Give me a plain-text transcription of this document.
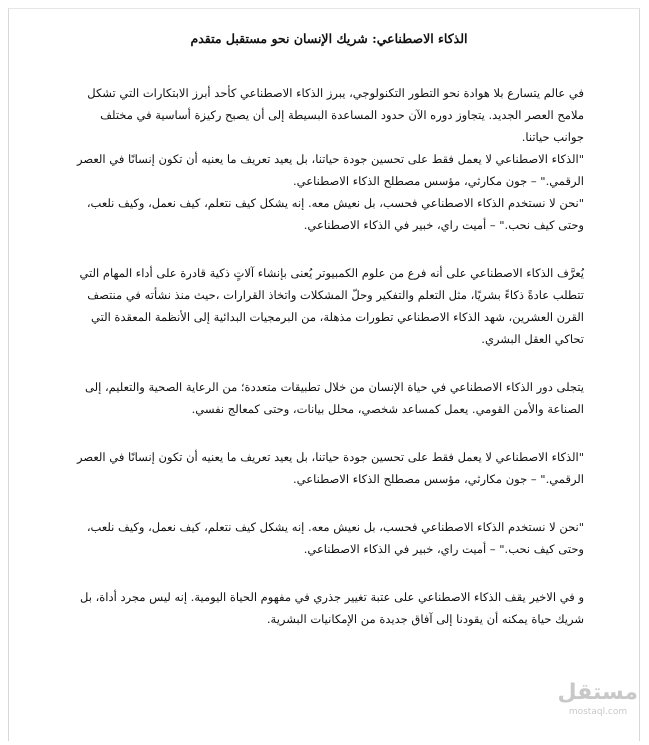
الذكاء الاصطناعي: شريك الإنسان نحو مستقبل متقدم

في عالم يتسارع بلا هوادة نحو التطور التكنولوجي، يبرز الذكاء الاصطناعي كأحد أبرز الابتكارات التي تشكل ملامح العصر الجديد. يتجاوز دوره الآن حدود المساعدة البسيطة إلى أن يصبح ركيزة أساسية في مختلف جوانب حياتنا.

"الذكاء الاصطناعي لا يعمل فقط على تحسين جودة حياتنا، بل يعيد تعريف ما يعنيه أن تكون إنسانًا في العصر الرقمي." – جون مكارثي، مؤسس مصطلح الذكاء الاصطناعي.

"نحن لا نستخدم الذكاء الاصطناعي فحسب، بل نعيش معه. إنه يشكل كيف نتعلم، كيف نعمل، وكيف نلعب، وحتى كيف نحب." – أميت راي، خبير في الذكاء الاصطناعي.

يُعرَّف الذكاء الاصطناعي على أنه فرع من علوم الكمبيوتر يُعنى بإنشاء آلاتٍ ذكية قادرة على أداء المهام التي تتطلب عادةً ذكاءً بشريًا، مثل التعلم والتفكير وحلّ المشكلات واتخاذ القرارات ،حيث منذ نشأته في منتصف القرن العشرين، شهد الذكاء الاصطناعي تطورات مذهلة، من البرمجيات البدائية إلى الأنظمة المعقدة التي تحاكي العقل البشري.

يتجلى دور الذكاء الاصطناعي في حياة الإنسان من خلال تطبيقات متعددة؛ من الرعاية الصحية والتعليم، إلى الصناعة والأمن القومي. يعمل كمساعد شخصي، محلل بيانات، وحتى كمعالج نفسي.

"الذكاء الاصطناعي لا يعمل فقط على تحسين جودة حياتنا، بل يعيد تعريف ما يعنيه أن تكون إنسانًا في العصر الرقمي." – جون مكارثي، مؤسس مصطلح الذكاء الاصطناعي.

"نحن لا نستخدم الذكاء الاصطناعي فحسب، بل نعيش معه. إنه يشكل كيف نتعلم، كيف نعمل، وكيف نلعب، وحتى كيف نحب." – أميت راي، خبير في الذكاء الاصطناعي.

و في الاخير يقف الذكاء الاصطناعي على عتبة تغيير جذري في مفهوم الحياة اليومية. إنه ليس مجرد أداة، بل شريك حياة يمكنه أن يقودنا إلى آفاق جديدة من الإمكانيات البشرية.

مستقل
mostaql.com
